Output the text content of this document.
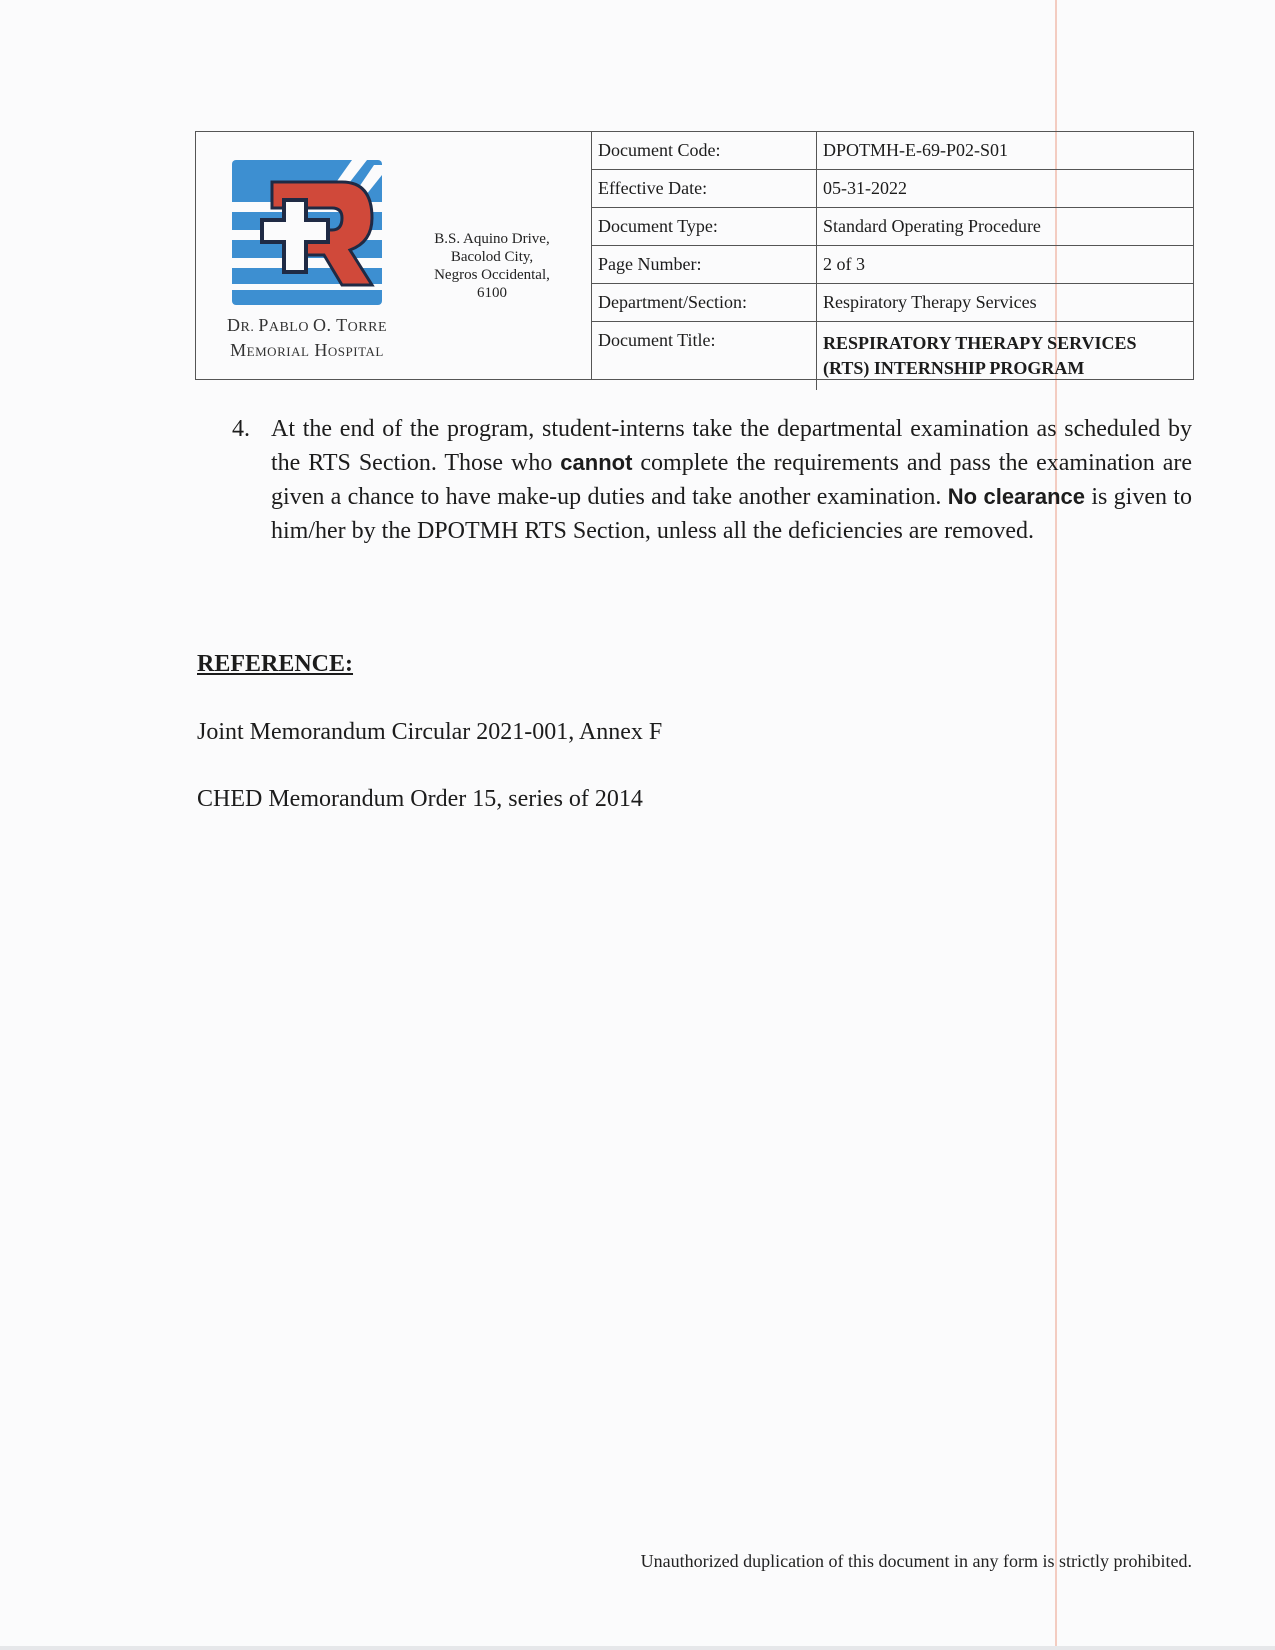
DR. PABLO O. TORRE
Memorial Hospital
B.S. Aquino Drive,
Bacolod City,
Negros Occidental,
6100
Document Code:	DPOTMH-E-69-P02-S01
Effective Date:	05-31-2022
Document Type:	Standard Operating Procedure
Page Number:	2 of 3
Department/Section:	Respiratory Therapy Services
Document Title:	RESPIRATORY THERAPY SERVICES
(RTS) INTERNSHIP PROGRAM
4. At the end of the program, student-interns take the departmental examination as scheduled by the RTS Section. Those who cannot complete the requirements and pass the examination are given a chance to have make-up duties and take another examination. No clearance is given to him/her by the DPOTMH RTS Section, unless all the deficiencies are removed.
REFERENCE:
Joint Memorandum Circular 2021-001, Annex F
CHED Memorandum Order 15, series of 2014
Unauthorized duplication of this document in any form is strictly prohibited.
